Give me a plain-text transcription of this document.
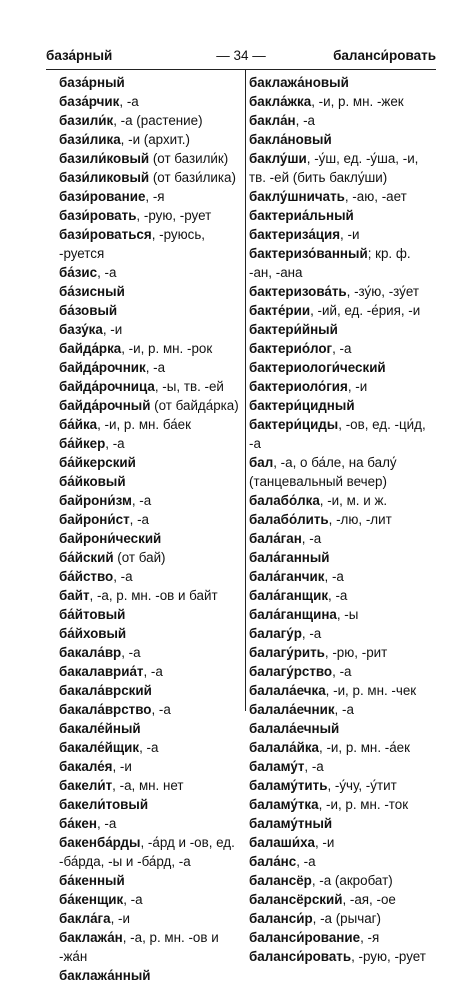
база́рный	— 34 —	баланси́ровать
база́рный
база́рчик, -а
базили́к, -а (растение)
бази́лика, -и (архит.)
базили́ковый (от базили́к)
бази́ликовый (от бази́лика)
бази́рование, -я
бази́ровать, -рую, -рует
бази́роваться, -руюсь, -руется
ба́зис, -а
ба́зисный
ба́зовый
базу́ка, -и
байда́рка, -и, р. мн. -рок
байда́рочник, -а
байда́рочница, -ы, тв. -ей
байда́рочный (от байда́рка)
ба́йка, -и, р. мн. ба́ек
ба́йкер, -а
ба́йкерский
ба́йковый
байрони́зм, -а
байрони́ст, -а
байрони́ческий
ба́йский (от бай)
ба́йство, -а
байт, -а, р. мн. -ов и байт
ба́йтовый
ба́йховый
бакала́вр, -а
бакалавриа́т, -а
бакала́врский
бакала́врство, -а
бакале́йный
бакале́йщик, -а
бакале́я, -и
бакели́т, -а, мн. нет
бакели́товый
ба́кен, -а
бакенба́рды, -а́рд и -ов, ед. -ба́рда, -ы и -ба́рд, -а
ба́кенный
ба́кенщик, -а
бакла́га, -и
баклажа́н, -а, р. мн. -ов и -жа́н
баклажа́нный
баклажа́новый
бакла́жка, -и, р. мн. -жек
бакла́н, -а
бакла́новый
баклу́ши, -у́ш, ед. -у́ша, -и, тв. -ей (бить баклу́ши)
баклу́шничать, -аю, -ает
бактериа́льный
бактериза́ция, -и
бактеризо́ванный; кр. ф. -ан, -ана
бактеризова́ть, -зу́ю, -зу́ет
бакте́рии, -ий, ед. -е́рия, -и
бактери́йный
бактерио́лог, -а
бактериологи́ческий
бактериоло́гия, -и
бактери́цидный
бактери́циды, -ов, ед. -ци́д, -а
бал, -а, о ба́ле, на балу́ (танцевальный вечер)
балабо́лка, -и, м. и ж.
балабо́лить, -лю, -лит
бала́ган, -а
бала́ганный
бала́ганчик, -а
бала́ганщик, -а
бала́ганщина, -ы
балагу́р, -а
балагу́рить, -рю, -рит
балагу́рство, -а
балала́ечка, -и, р. мн. -чек
балала́ечник, -а
балала́ечный
балала́йка, -и, р. мн. -а́ек
баламу́т, -а
баламу́тить, -у́чу, -у́тит
баламу́тка, -и, р. мн. -ток
баламу́тный
балаши́ха, -и
бала́нс, -а
балансёр, -а (акробат)
балансёрский, -ая, -ое
баланси́р, -а (рычаг)
баланси́рование, -я
баланси́ровать, -рую, -рует
